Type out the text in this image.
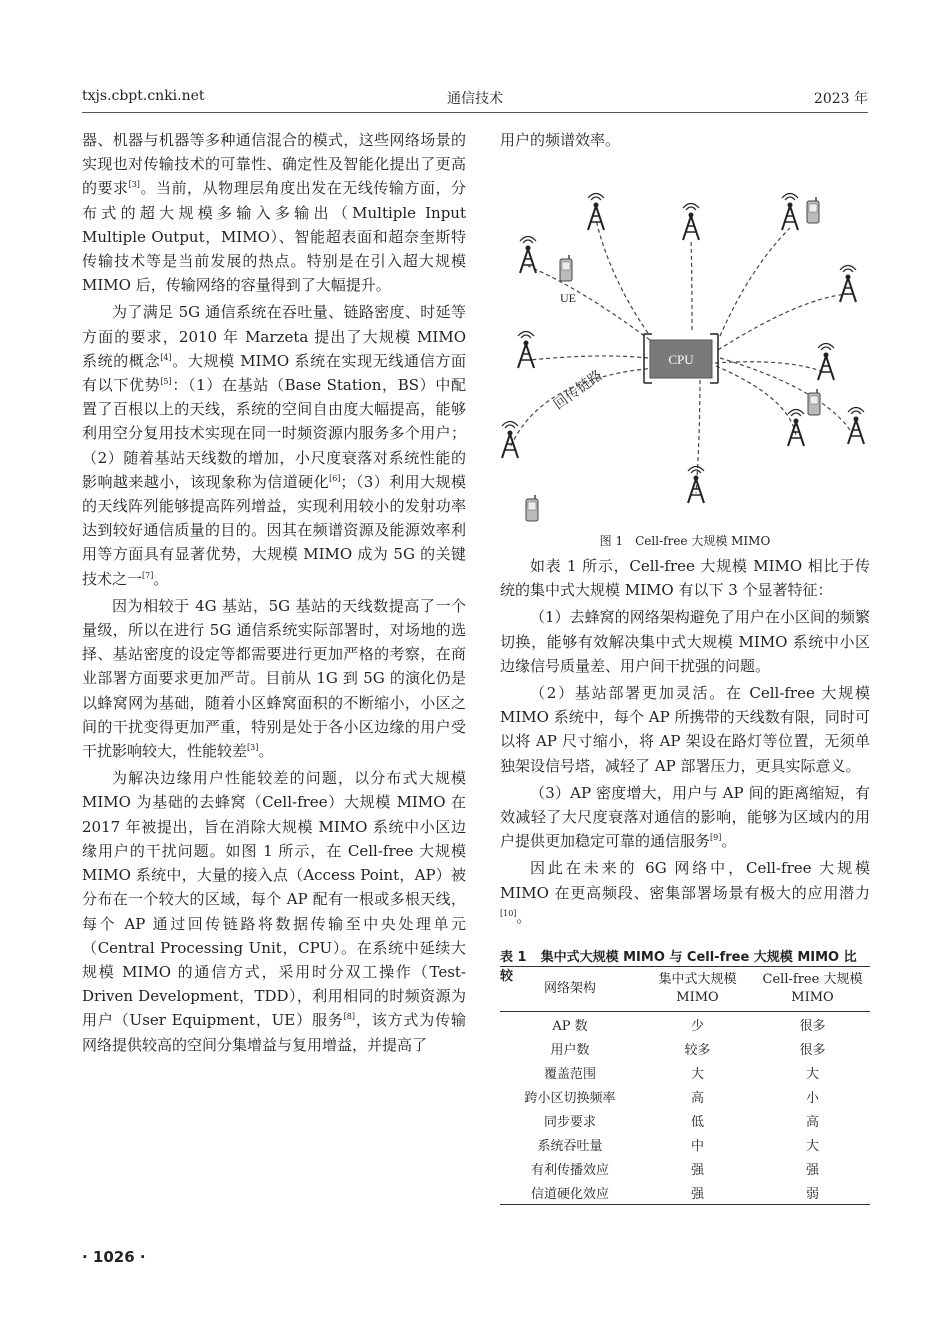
txjs.cbpt.cnki.net	通信技术	2023 年

器、机器与机器等多种通信混合的模式，这些网络场景的实现也对传输技术的可靠性、确定性及智能化提出了更高的要求[3]。当前，从物理层角度出发在无线传输方面，分布式的超大规模多输入多输出（Multiple Input Multiple Output，MIMO）、智能超表面和超奈奎斯特传输技术等是当前发展的热点。特别是在引入超大规模 MIMO 后，传输网络的容量得到了大幅提升。

为了满足 5G 通信系统在吞吐量、链路密度、时延等方面的要求，2010 年 Marzeta 提出了大规模 MIMO 系统的概念[4]。大规模 MIMO 系统在实现无线通信方面有以下优势[5]：（1）在基站（Base Station，BS）中配置了百根以上的天线，系统的空间自由度大幅提高，能够利用空分复用技术实现在同一时频资源内服务多个用户；（2）随着基站天线数的增加，小尺度衰落对系统性能的影响越来越小，该现象称为信道硬化[6]；（3）利用大规模的天线阵列能够提高阵列增益，实现利用较小的发射功率达到较好通信质量的目的。因其在频谱资源及能源效率利用等方面具有显著优势，大规模 MIMO 成为 5G 的关键技术之一[7]。

因为相较于 4G 基站，5G 基站的天线数提高了一个量级，所以在进行 5G 通信系统实际部署时，对场地的选择、基站密度的设定等都需要进行更加严格的考察，在商业部署方面要求更加严苛。目前从 1G 到 5G 的演化仍是以蜂窝网为基础，随着小区蜂窝面积的不断缩小，小区之间的干扰变得更加严重，特别是处于各小区边缘的用户受干扰影响较大，性能较差[3]。

为解决边缘用户性能较差的问题，以分布式大规模 MIMO 为基础的去蜂窝（Cell-free）大规模 MIMO 在 2017 年被提出，旨在消除大规模 MIMO 系统中小区边缘用户的干扰问题。如图 1 所示，在 Cell-free 大规模 MIMO 系统中，大量的接入点（Access Point，AP）被分布在一个较大的区域，每个 AP 配有一根或多根天线，每个 AP 通过回传链路将数据传输至中央处理单元（Central Processing Unit，CPU）。在系统中延续大规模 MIMO 的通信方式，采用时分双工操作（Test-Driven Development，TDD），利用相同的时频资源为用户（User Equipment，UE）服务[8]，该方式为传输网络提供较高的空间分集增益与复用增益，并提高了

用户的频谱效率。

CPU
UE
回传链路
图 1　Cell-free 大规模 MIMO

如表 1 所示，Cell-free 大规模 MIMO 相比于传统的集中式大规模 MIMO 有以下 3 个显著特征：

（1）去蜂窝的网络架构避免了用户在小区间的频繁切换，能够有效解决集中式大规模 MIMO 系统中小区边缘信号质量差、用户间干扰强的问题。

（2）基站部署更加灵活。在 Cell-free 大规模 MIMO 系统中，每个 AP 所携带的天线数有限，同时可以将 AP 尺寸缩小，将 AP 架设在路灯等位置，无须单独架设信号塔，减轻了 AP 部署压力，更具实际意义。

（3）AP 密度增大，用户与 AP 间的距离缩短，有效减轻了大尺度衰落对通信的影响，能够为区域内的用户提供更加稳定可靠的通信服务[9]。

因此在未来的 6G 网络中，Cell-free 大规模 MIMO 在更高频段、密集部署场景有极大的应用潜力[10]。

表 1 集中式大规模 MIMO 与 Cell-free 大规模 MIMO 比较
网络架构	集中式大规模 MIMO	Cell-free 大规模 MIMO
AP 数	少	很多
用户数	较多	很多
覆盖范围	大	大
跨小区切换频率	高	小
同步要求	低	高
系统吞吐量	中	大
有利传播效应	强	强
信道硬化效应	强	弱
· 1026 ·
